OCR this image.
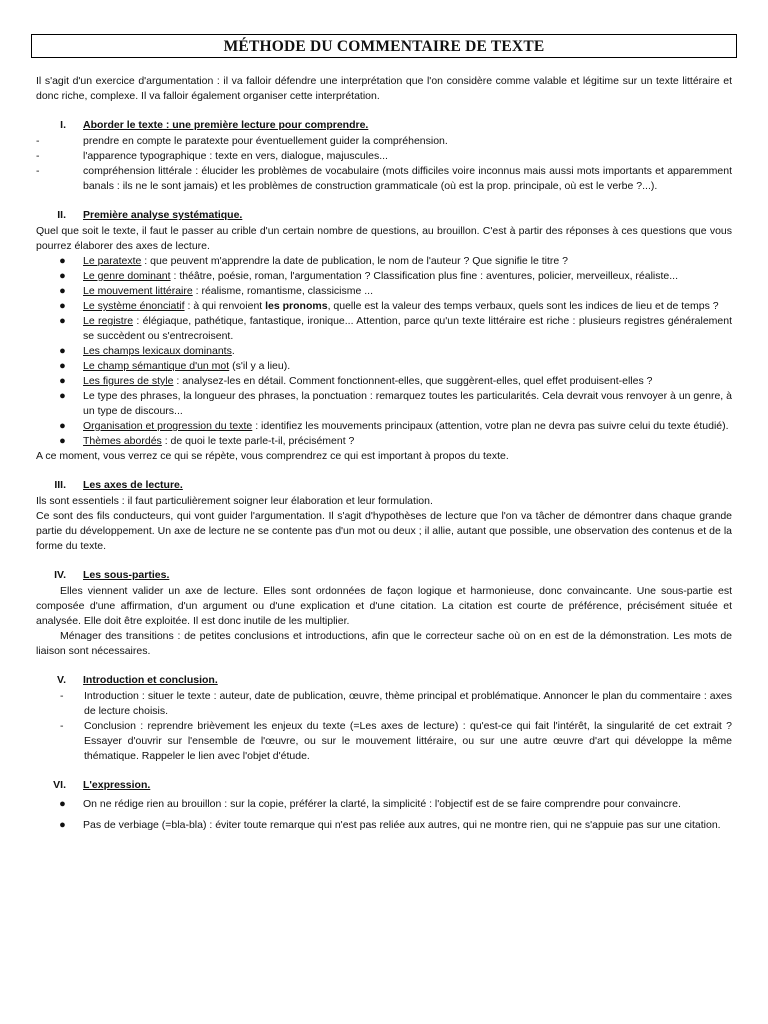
MÉTHODE DU COMMENTAIRE DE TEXTE

Il s'agit d'un exercice d'argumentation : il va falloir défendre une interprétation que l'on considère comme valable et légitime sur un texte littéraire et donc riche, complexe. Il va falloir également organiser cette interprétation.

I.	Aborder le texte : une première lecture pour comprendre.
-	prendre en compte le paratexte pour éventuellement guider la compréhension.
-	l'apparence typographique : texte en vers, dialogue, majuscules...
-	compréhension littérale : élucider les problèmes de vocabulaire (mots difficiles voire inconnus mais aussi mots importants et apparemment banals : ils ne le sont jamais) et les problèmes de construction grammaticale (où est la prop. principale, où est le verbe ?...).
II.	Première analyse systématique.

Quel que soit le texte, il faut le passer au crible d'un certain nombre de questions, au brouillon. C'est à partir des réponses à ces questions que vous pourrez élaborer des axes de lecture.

●	Le paratexte : que peuvent m'apprendre la date de publication, le nom de l'auteur ? Que signifie le titre ?
●	Le genre dominant : théâtre, poésie, roman, l'argumentation ? Classification plus fine : aventures, policier, merveilleux, réaliste...
●	Le mouvement littéraire : réalisme, romantisme, classicisme ...
●	Le système énonciatif : à qui renvoient les pronoms, quelle est la valeur des temps verbaux, quels sont les indices de lieu et de temps ?
●	Le registre : élégiaque, pathétique, fantastique, ironique... Attention, parce qu'un texte littéraire est riche : plusieurs registres généralement se succèdent ou s'entrecroisent.
●	Les champs lexicaux dominants.
●	Le champ sémantique d'un mot (s'il y a lieu).
●	Les figures de style : analysez-les en détail. Comment fonctionnent-elles, que suggèrent-elles, quel effet produisent-elles ?
●	Le type des phrases, la longueur des phrases, la ponctuation : remarquez toutes les particularités. Cela devrait vous renvoyer à un genre, à un type de discours...
●	Organisation et progression du texte : identifiez les mouvements principaux (attention, votre plan ne devra pas suivre celui du texte étudié).
●	Thèmes abordés : de quoi le texte parle-t-il, précisément ?

A ce moment, vous verrez ce qui se répète, vous comprendrez ce qui est important à propos du texte.

III.	Les axes de lecture.

Ils sont essentiels : il faut particulièrement soigner leur élaboration et leur formulation.

Ce sont des fils conducteurs, qui vont guider l'argumentation. Il s'agit d'hypothèses de lecture que l'on va tâcher de démontrer dans chaque grande partie du développement. Un axe de lecture ne se contente pas d'un mot ou deux ; il allie, autant que possible, une observation des contenus et de la forme du texte.

IV.	Les sous-parties.

Elles viennent valider un axe de lecture. Elles sont ordonnées de façon logique et harmonieuse, donc convaincante. Une sous-partie est composée d'une affirmation, d'un argument ou d'une explication et d'une citation. La citation est courte de préférence, précisément située et analysée. Elle doit être exploitée. Il est donc inutile de les multiplier.

Ménager des transitions : de petites conclusions et introductions, afin que le correcteur sache où on en est de la démonstration. Les mots de liaison sont nécessaires.

V.	Introduction et conclusion.
-	Introduction : situer le texte : auteur, date de publication, œuvre, thème principal et problématique. Annoncer le plan du commentaire : axes de lecture choisis.
-	Conclusion : reprendre brièvement les enjeux du texte (=Les axes de lecture) : qu'est-ce qui fait l'intérêt, la singularité de cet extrait ? Essayer d'ouvrir sur l'ensemble de l'œuvre, ou sur le mouvement littéraire, ou sur une autre œuvre d'art qui développe la même thématique. Rappeler le lien avec l'objet d'étude.
VI.	L'expression.
●	On ne rédige rien au brouillon : sur la copie, préférer la clarté, la simplicité : l'objectif est de se faire comprendre pour convaincre.
●	Pas de verbiage (=bla-bla) : éviter toute remarque qui n'est pas reliée aux autres, qui ne montre rien, qui ne s'appuie pas sur une citation.
